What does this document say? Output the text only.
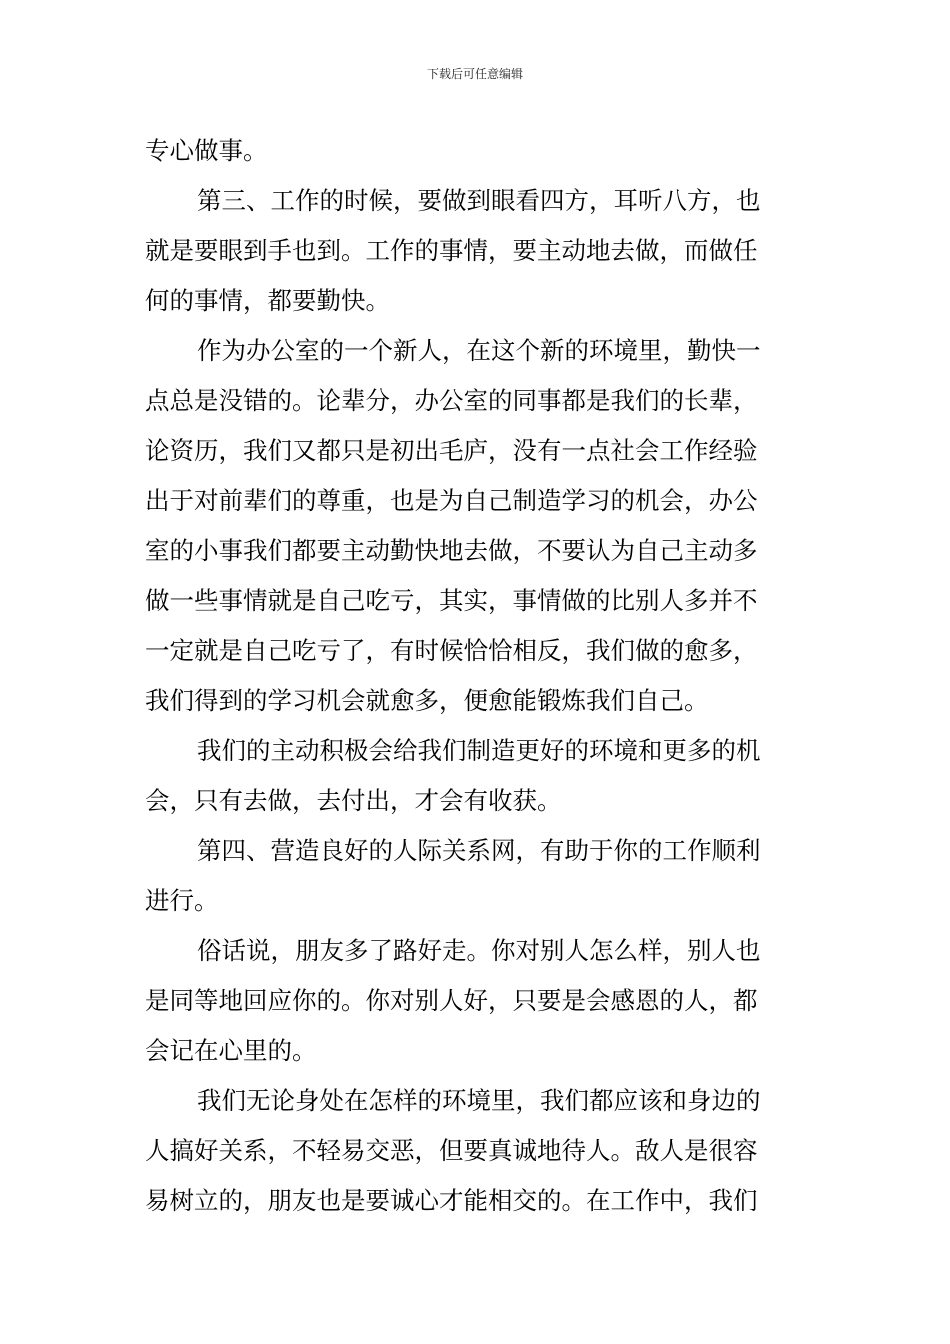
下载后可任意编辑
专心做事。
第三、工作的时候，要做到眼看四方，耳听八方，也
就是要眼到手也到。工作的事情，要主动地去做，而做任
何的事情，都要勤快。
作为办公室的一个新人，在这个新的环境里，勤快一
点总是没错的。论辈分，办公室的同事都是我们的长辈，
论资历，我们又都只是初出毛庐，没有一点社会工作经验
出于对前辈们的尊重，也是为自己制造学习的机会，办公
室的小事我们都要主动勤快地去做，不要认为自己主动多
做一些事情就是自己吃亏，其实，事情做的比别人多并不
一定就是自己吃亏了，有时候恰恰相反，我们做的愈多，
我们得到的学习机会就愈多，便愈能锻炼我们自己。
我们的主动积极会给我们制造更好的环境和更多的机
会，只有去做，去付出，才会有收获。
第四、营造良好的人际关系网，有助于你的工作顺利
进行。
俗话说，朋友多了路好走。你对别人怎么样，别人也
是同等地回应你的。你对别人好，只要是会感恩的人，都
会记在心里的。
我们无论身处在怎样的环境里，我们都应该和身边的
人搞好关系，不轻易交恶，但要真诚地待人。敌人是很容
易树立的，朋友也是要诚心才能相交的。在工作中，我们
